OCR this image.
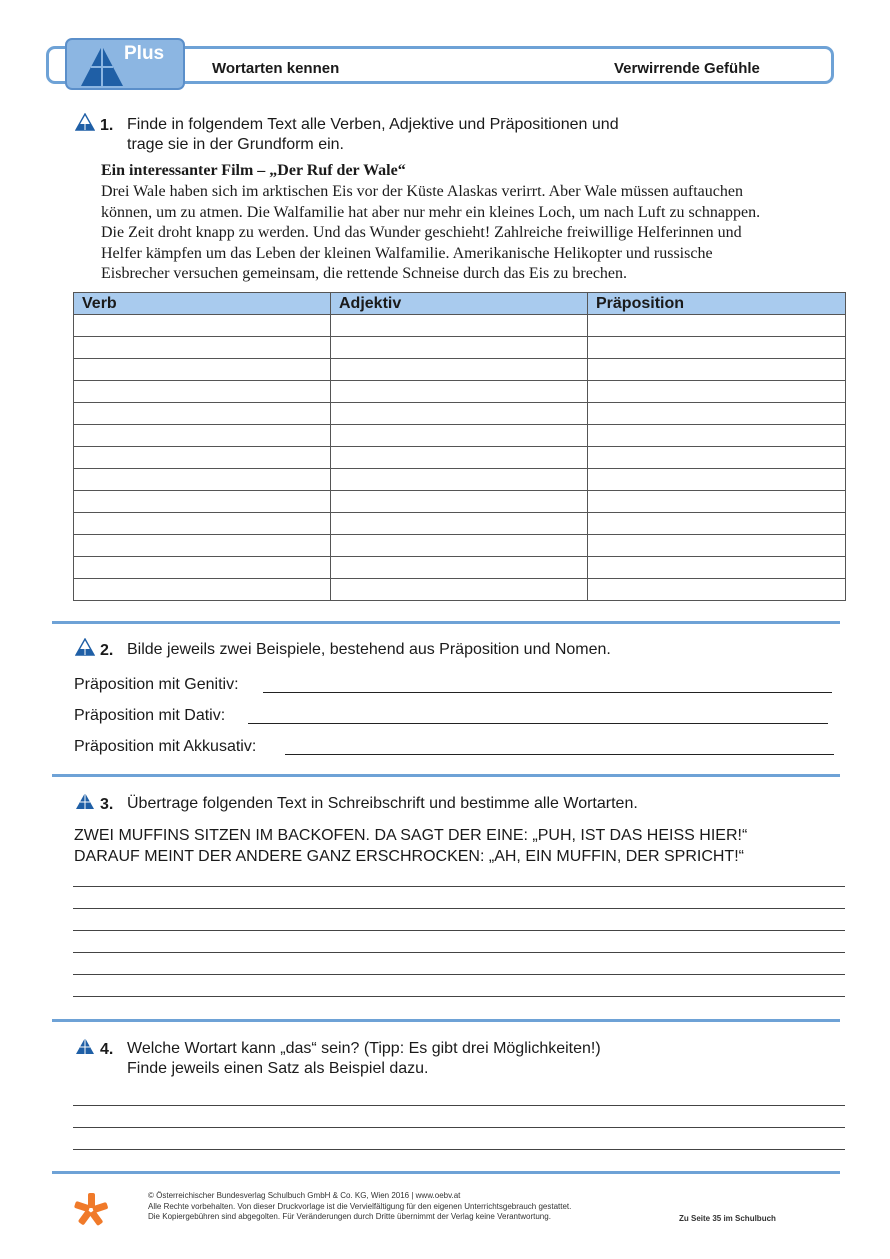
Plus
Wortarten kennen	Verwirrende Gefühle
1. Finde in folgendem Text alle Verben, Adjektive und Präpositionen und
trage sie in der Grundform ein.
Ein interessanter Film – „Der Ruf der Wale“
Drei Wale haben sich im arktischen Eis vor der Küste Alaskas verirrt. Aber Wale müssen auftauchen
können, um zu atmen. Die Walfamilie hat aber nur mehr ein kleines Loch, um nach Luft zu schnappen.
Die Zeit droht knapp zu werden. Und das Wunder geschieht! Zahlreiche freiwillige Helferinnen und
Helfer kämpfen um das Leben der kleinen Walfamilie. Amerikanische Helikopter und russische
Eisbrecher versuchen gemeinsam, die rettende Schneise durch das Eis zu brechen.
Verb	Adjektiv	Präposition

2. Bilde jeweils zwei Beispiele, bestehend aus Präposition und Nomen.
Präposition mit Genitiv:
Präposition mit Dativ:
Präposition mit Akkusativ:
3. Übertrage folgenden Text in Schreibschrift und bestimme alle Wortarten.
ZWEI MUFFINS SITZEN IM BACKOFEN. DA SAGT DER EINE: „PUH, IST DAS HEISS HIER!“
DARAUF MEINT DER ANDERE GANZ ERSCHROCKEN: „AH, EIN MUFFIN, DER SPRICHT!“
4. Welche Wortart kann „das“ sein? (Tipp: Es gibt drei Möglichkeiten!)
Finde jeweils einen Satz als Beispiel dazu.
© Österreichischer Bundesverlag Schulbuch GmbH & Co. KG, Wien 2016 | www.oebv.at
Alle Rechte vorbehalten. Von dieser Druckvorlage ist die Vervielfältigung für den eigenen Unterrichtsgebrauch gestattet.
Die Kopiergebühren sind abgegolten. Für Veränderungen durch Dritte übernimmt der Verlag keine Verantwortung.	Zu Seite 35 im Schulbuch
